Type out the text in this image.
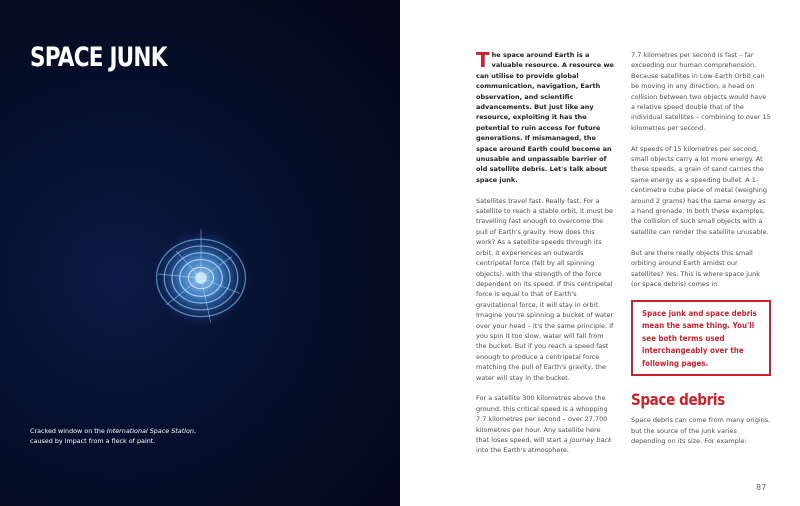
SPACE JUNK

Cracked window on the International Space Station, caused by impact from a fleck of paint.

The space around Earth is a valuable resource. A resource we can utilise to provide global communication, navigation, Earth observation, and scientific advancements. But just like any resource, exploiting it has the potential to ruin access for future generations. If mismanaged, the space around Earth could become an unusable and unpassable barrier of old satellite debris. Let's talk about space junk.

Satellites travel fast. Really fast. For a satellite to reach a stable orbit, it must be travelling fast enough to overcome the pull of Earth's gravity. How does this work? As a satellite speeds through its orbit, it experiences an outwards centripetal force (felt by all spinning objects), with the strength of the force dependent on its speed. If this centripetal force is equal to that of Earth's gravitational force, it will stay in orbit. Imagine you're spinning a bucket of water over your head – it's the same principle. If you spin it too slow, water will fall from the bucket. But if you reach a speed fast enough to produce a centripetal force matching the pull of Earth's gravity, the water will stay in the bucket.

For a satellite 300 kilometres above the ground, this critical speed is a whopping 7.7 kilometres per second – over 27,700 kilometres per hour. Any satellite here that loses speed, will start a journey back into the Earth's atmosphere.

7.7 kilometres per second is fast – far exceeding our human comprehension. Because satellites in Low-Earth Orbit can be moving in any direction, a head on collision between two objects would have a relative speed double that of the individual satellites – combining to over 15 kilometres per second.

At speeds of 15 kilometres per second, small objects carry a lot more energy. At these speeds, a grain of sand carries the same energy as a speeding bullet. A 1-centimetre cube piece of metal (weighing around 2 grams) has the same energy as a hand grenade. In both these examples, the collision of such small objects with a satellite can render the satellite unusable.

But are there really objects this small orbiting around Earth amidst our satellites? Yes. This is where space junk (or space debris) comes in.

Space junk and space debris mean the same thing. You'll see both terms used interchangeably over the following pages.
Space debris

Space debris can come from many origins, but the source of the junk varies depending on its size. For example:

87
